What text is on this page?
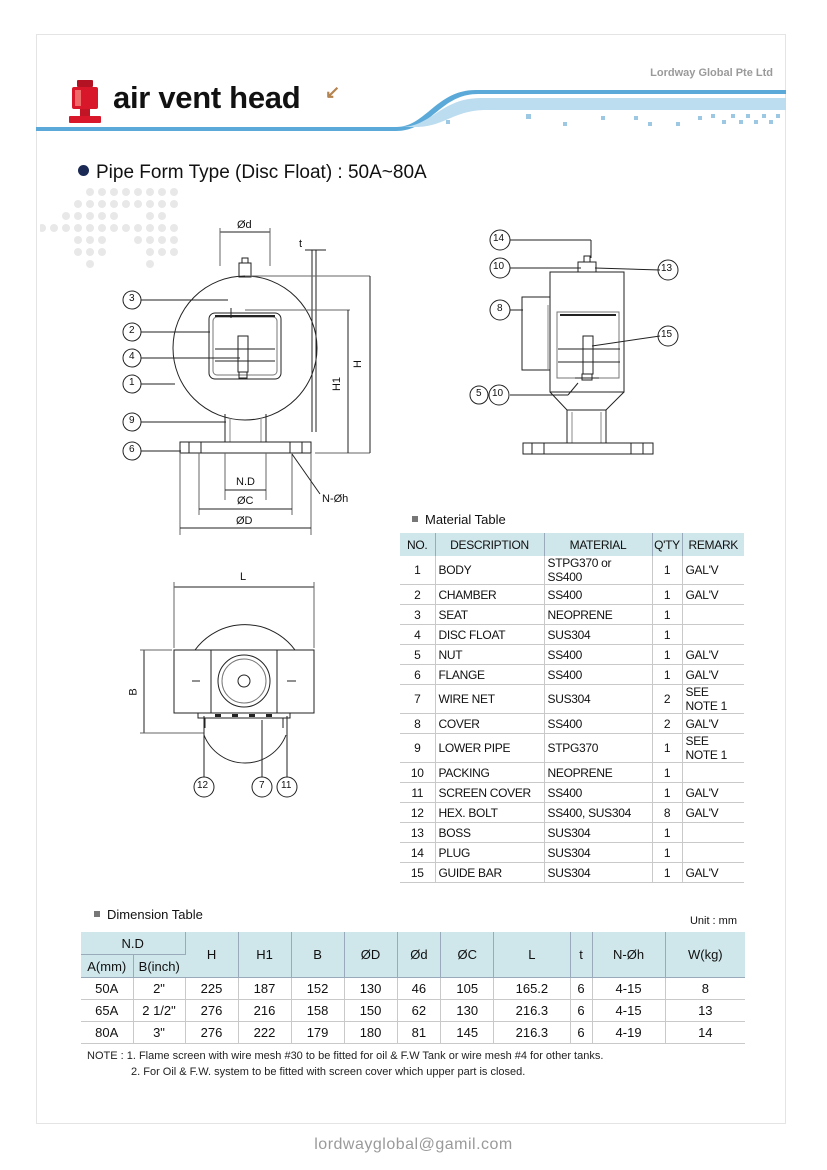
Lordway Global Pte Ltd
air vent head ↙
Pipe Form Type (Disc Float) : 50A~80A
Ød
t
H1
H
N.D
ØC
ØD
N-Øh
3
2
4
1
9
6
14
10	13
8
15
5 10
L
B
12	7 11
Material Table
NO.	DESCRIPTION	MATERIAL	Q'TY	REMARK
1	BODY	STPG370 or SS400	1	GAL'V
2	CHAMBER	SS400	1	GAL'V
3	SEAT	NEOPRENE	1	
4	DISC FLOAT	SUS304	1	
5	NUT	SS400	1	GAL'V
6	FLANGE	SS400	1	GAL'V
7	WIRE NET	SUS304	2	SEE NOTE 1
8	COVER	SS400	2	GAL'V
9	LOWER PIPE	STPG370	1	SEE NOTE 1
10	PACKING	NEOPRENE	1	
11	SCREEN COVER	SS400	1	GAL'V
12	HEX. BOLT	SS400, SUS304	8	GAL'V
13	BOSS	SUS304	1	
14	PLUG	SUS304	1	
15	GUIDE BAR	SUS304	1	GAL'V
Dimension Table	Unit : mm
N.D		H	H1	B	ØD	Ød	ØC	L	t	N-Øh	W(kg)
A(mm)	B(inch)										
50A	2"	225	187	152	130	46	105	165.2	6	4-15	8
65A	2 1/2"	276	216	158	150	62	130	216.3	6	4-15	13
80A	3"	276	222	179	180	81	145	216.3	6	4-19	14
NOTE : 1. Flame screen with wire mesh #30 to be fitted for oil & F.W Tank or wire mesh #4 for other tanks.
2. For Oil & F.W. system to be fitted with screen cover which upper part is closed.
lordwayglobal@gamil.com
